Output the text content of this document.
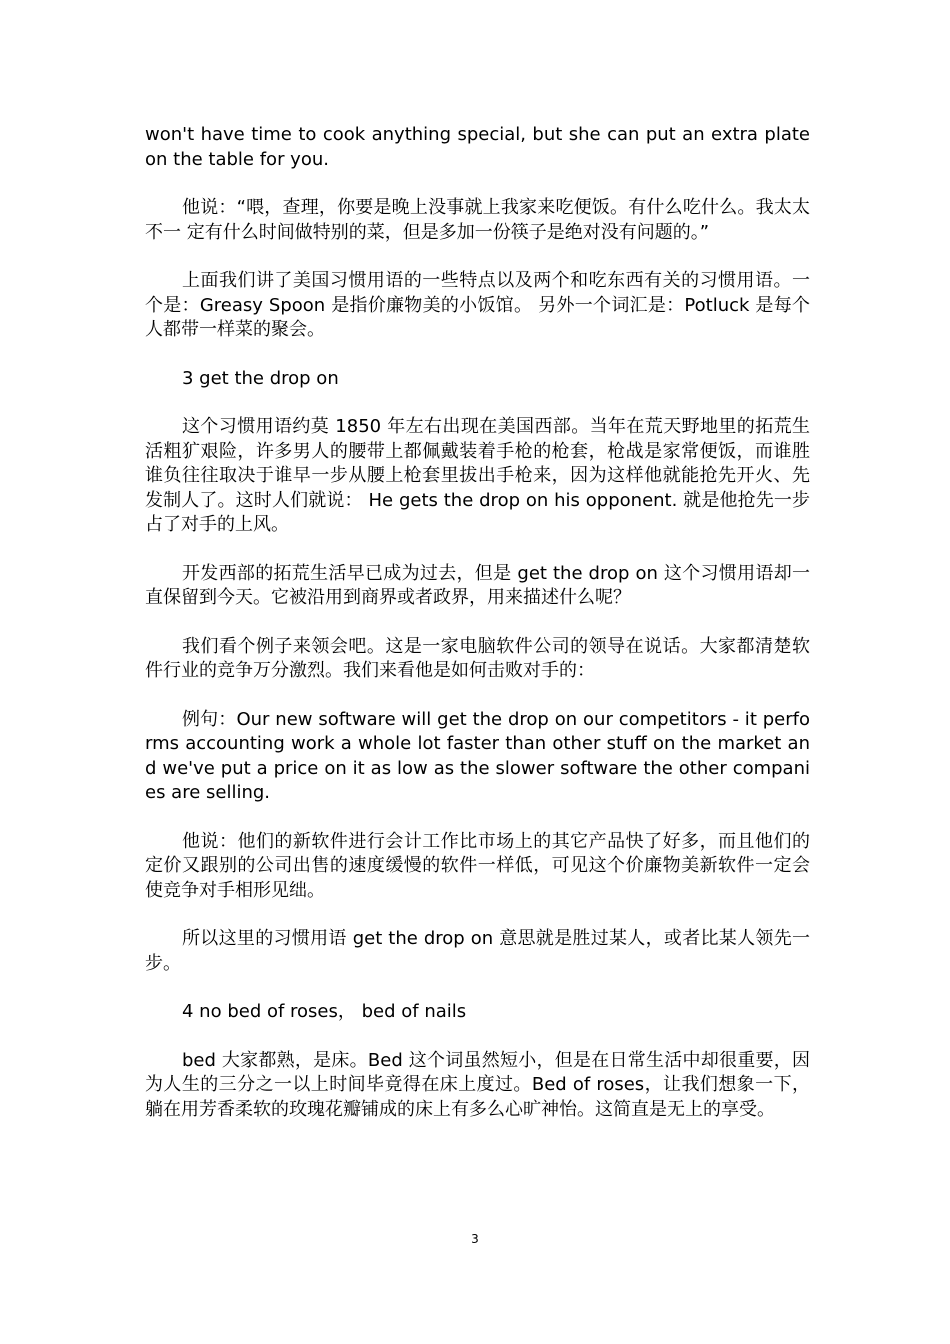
won't have time to cook anything special, but she can put an extra plate on the table for you.

他说：“喂，查理，你要是晚上没事就上我家来吃便饭。有什么吃什么。我太太不一 定有什么时间做特别的菜，但是多加一份筷子是绝对没有问题的。”

上面我们讲了美国习惯用语的一些特点以及两个和吃东西有关的习惯用语。一个是：Greasy Spoon 是指价廉物美的小饭馆。 另外一个词汇是：Potluck 是每个人都带一样菜的聚会。

3 get the drop on

这个习惯用语约莫 1850 年左右出现在美国西部。当年在荒天野地里的拓荒生活粗犷艰险，许多男人的腰带上都佩戴装着手枪的枪套，枪战是家常便饭，而谁胜谁负往往取决于谁早一步从腰上枪套里拔出手枪来，因为这样他就能抢先开火、先发制人了。这时人们就说： He gets the drop on his opponent. 就是他抢先一步占了对手的上风。

开发西部的拓荒生活早已成为过去，但是 get the drop on 这个习惯用语却一直保留到今天。它被沿用到商界或者政界，用来描述什么呢？

我们看个例子来领会吧。这是一家电脑软件公司的领导在说话。大家都清楚软件行业的竞争万分激烈。我们来看他是如何击败对手的：

例句：Our new software will get the drop on our competitors - it performs accounting work a whole lot faster than other stuff on the market and we've put a price on it as low as the slower software the other companies are selling.

他说：他们的新软件进行会计工作比市场上的其它产品快了好多，而且他们的定价又跟别的公司出售的速度缓慢的软件一样低，可见这个价廉物美新软件一定会使竞争对手相形见绌。

所以这里的习惯用语 get the drop on 意思就是胜过某人，或者比某人领先一步。

4 no bed of roses， bed of nails

bed 大家都熟，是床。Bed 这个词虽然短小，但是在日常生活中却很重要，因为人生的三分之一以上时间毕竟得在床上度过。Bed of roses，让我们想象一下，躺在用芳香柔软的玫瑰花瓣铺成的床上有多么心旷神怡。这简直是无上的享受。

3
